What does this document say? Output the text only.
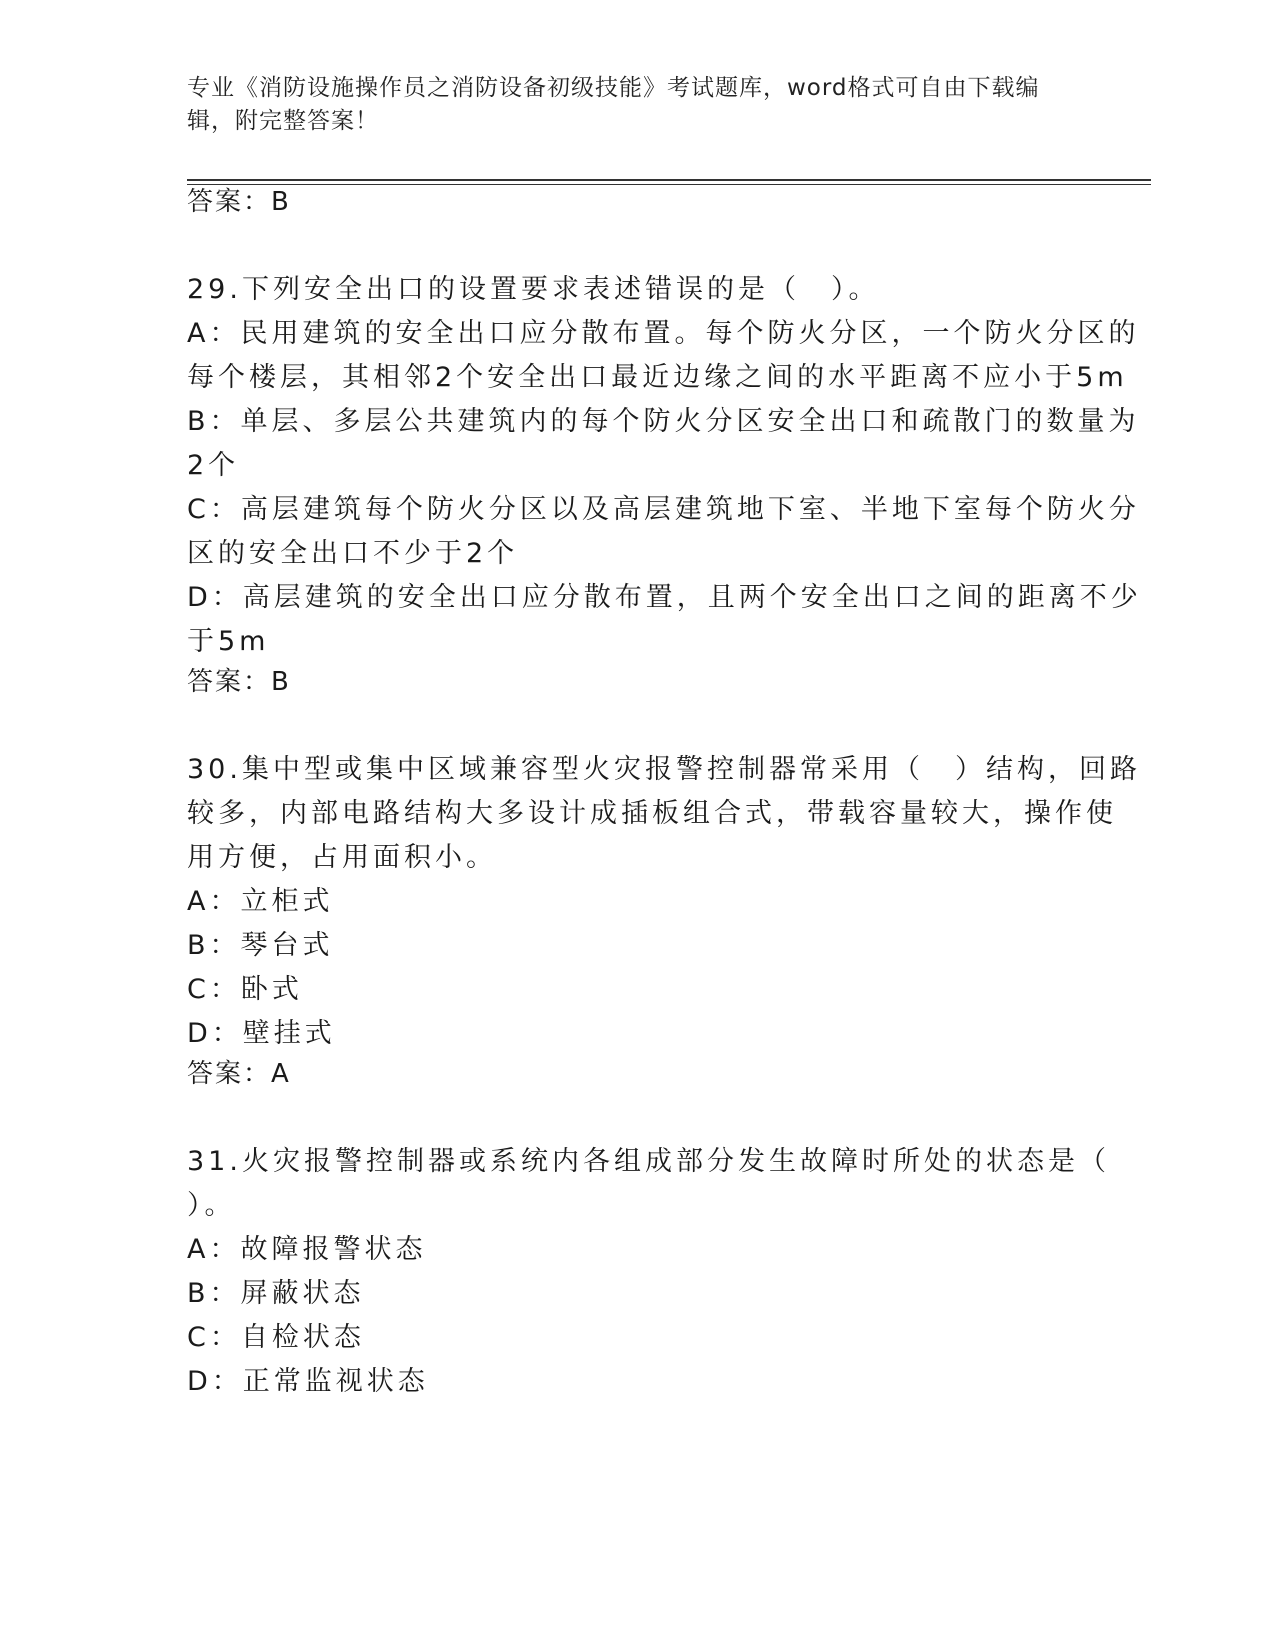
专业《消防设施操作员之消防设备初级技能》考试题库，word格式可自由下载编
辑，附完整答案！
答案：B
29.下列安全出口的设置要求表述错误的是（　）。
A：民用建筑的安全出口应分散布置。每个防火分区，一个防火分区的
每个楼层，其相邻2个安全出口最近边缘之间的水平距离不应小于5m
B：单层、多层公共建筑内的每个防火分区安全出口和疏散门的数量为
2个
C：高层建筑每个防火分区以及高层建筑地下室、半地下室每个防火分
区的安全出口不少于2个
D：高层建筑的安全出口应分散布置，且两个安全出口之间的距离不少
于5m
答案：B
30.集中型或集中区域兼容型火灾报警控制器常采用（　）结构，回路
较多，内部电路结构大多设计成插板组合式，带载容量较大，操作使
用方便，占用面积小。
A：立柜式
B：琴台式
C：卧式
D：壁挂式
答案：A
31.火灾报警控制器或系统内各组成部分发生故障时所处的状态是（
）。
A：故障报警状态
B：屏蔽状态
C：自检状态
D：正常监视状态
